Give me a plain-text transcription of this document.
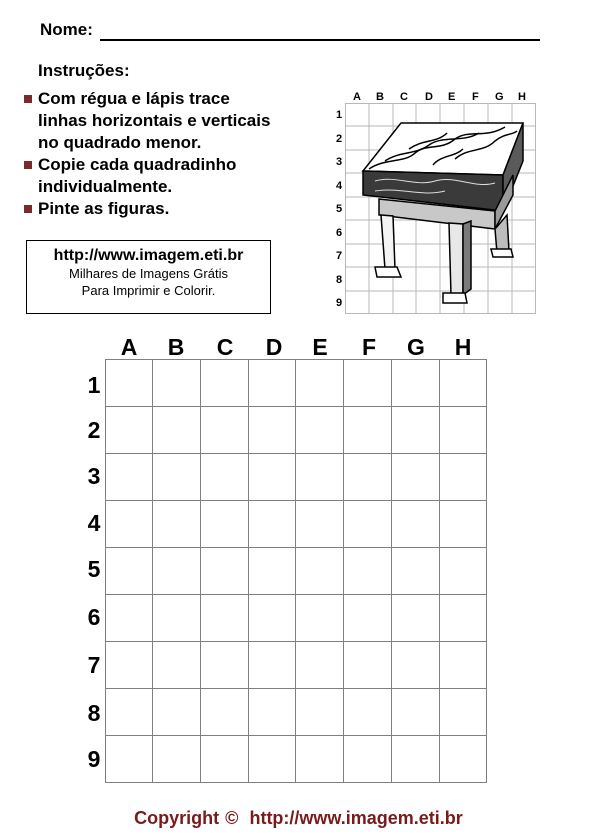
Nome:
Instruções:
Com régua e lápis trace
linhas horizontais e verticais
no quadrado menor.
Copie cada quadradinho
individualmente.
Pinte as figuras.
http://www.imagem.eti.br
Milhares de Imagens Grátis
Para Imprimir e Colorir.
A B C D E F G H
1
2
3
4
5
6
7
8
9
A B C D	E	F	G H
1
2
3
4
5
6
7
8
9
Copyright © http://www.imagem.eti.br
